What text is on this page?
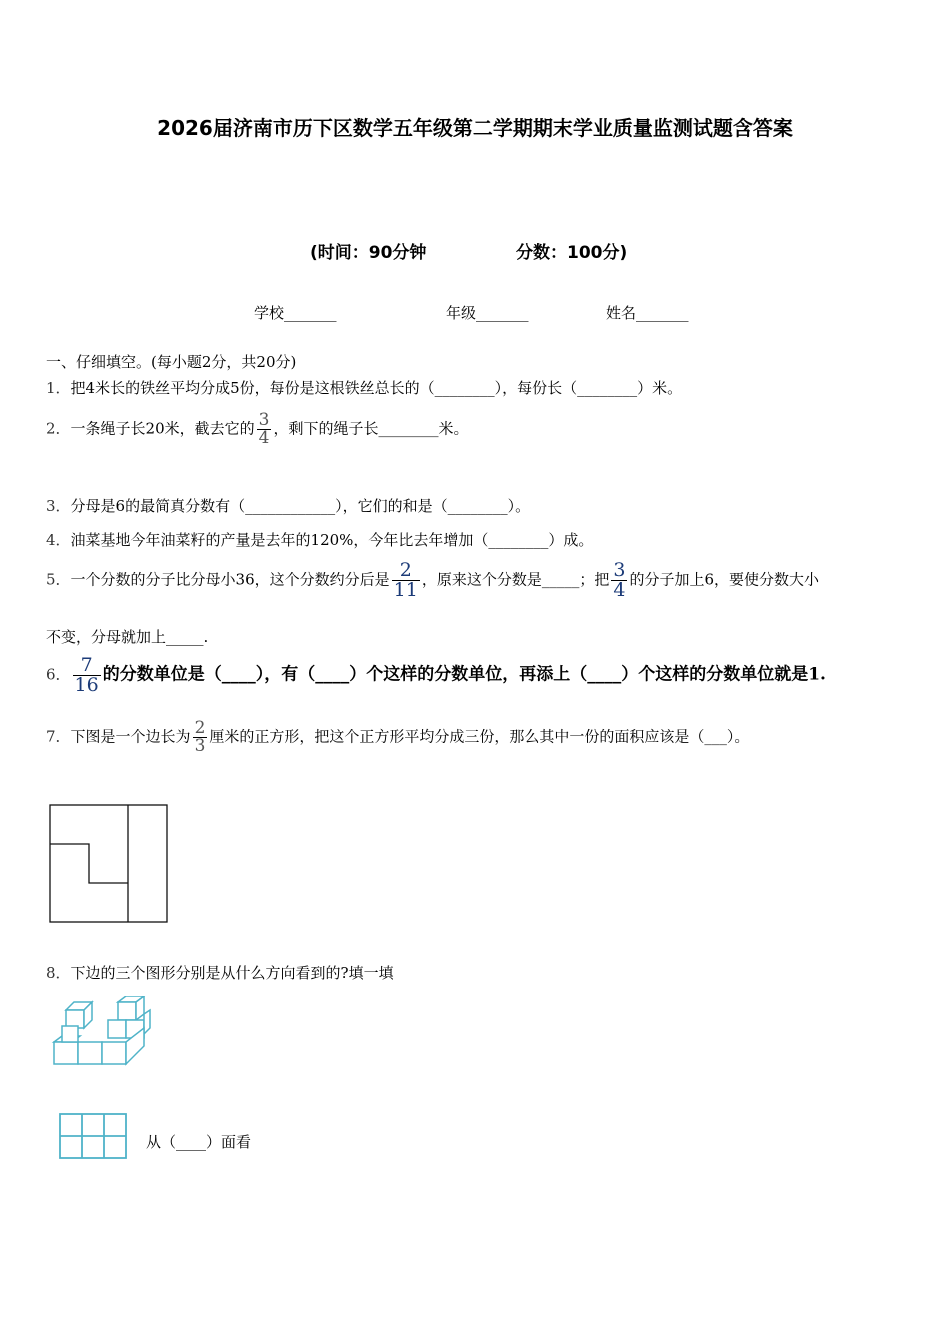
2026届济南市历下区数学五年级第二学期期末学业质量监测试题含答案
(时间：90分钟	分数：100分)
学校_______	年级_______	姓名_______
一、仔细填空。(每小题2分，共20分)
1．把4米长的铁丝平均分成5份，每份是这根铁丝总长的（________），每份长（________）米。
2．一条绳子长20米，截去它的 $\frac{3}{4}$ ，剩下的绳子长________米。
3．分母是6的最简真分数有（____________），它们的和是（________）。
4．油菜基地今年油菜籽的产量是去年的120%，今年比去年增加（________）成。
5．一个分数的分子比分母小36，这个分数约分后是 $\frac{2}{11}$ ，原来这个分数是_____；把 $\frac{3}{4}$ 的分子加上6，要使分数大小
不变，分母就加上_____.
6． $\frac{7}{16}$ 的分数单位是（____），有（____）个这样的分数单位，再添上（____）个这样的分数单位就是1.
7．下图是一个边长为 $\frac{2}{3}$ 厘米的正方形，把这个正方形平均分成三份，那么其中一份的面积应该是（___）。
8．下边的三个图形分别是从什么方向看到的?填一填
从（____）面看
